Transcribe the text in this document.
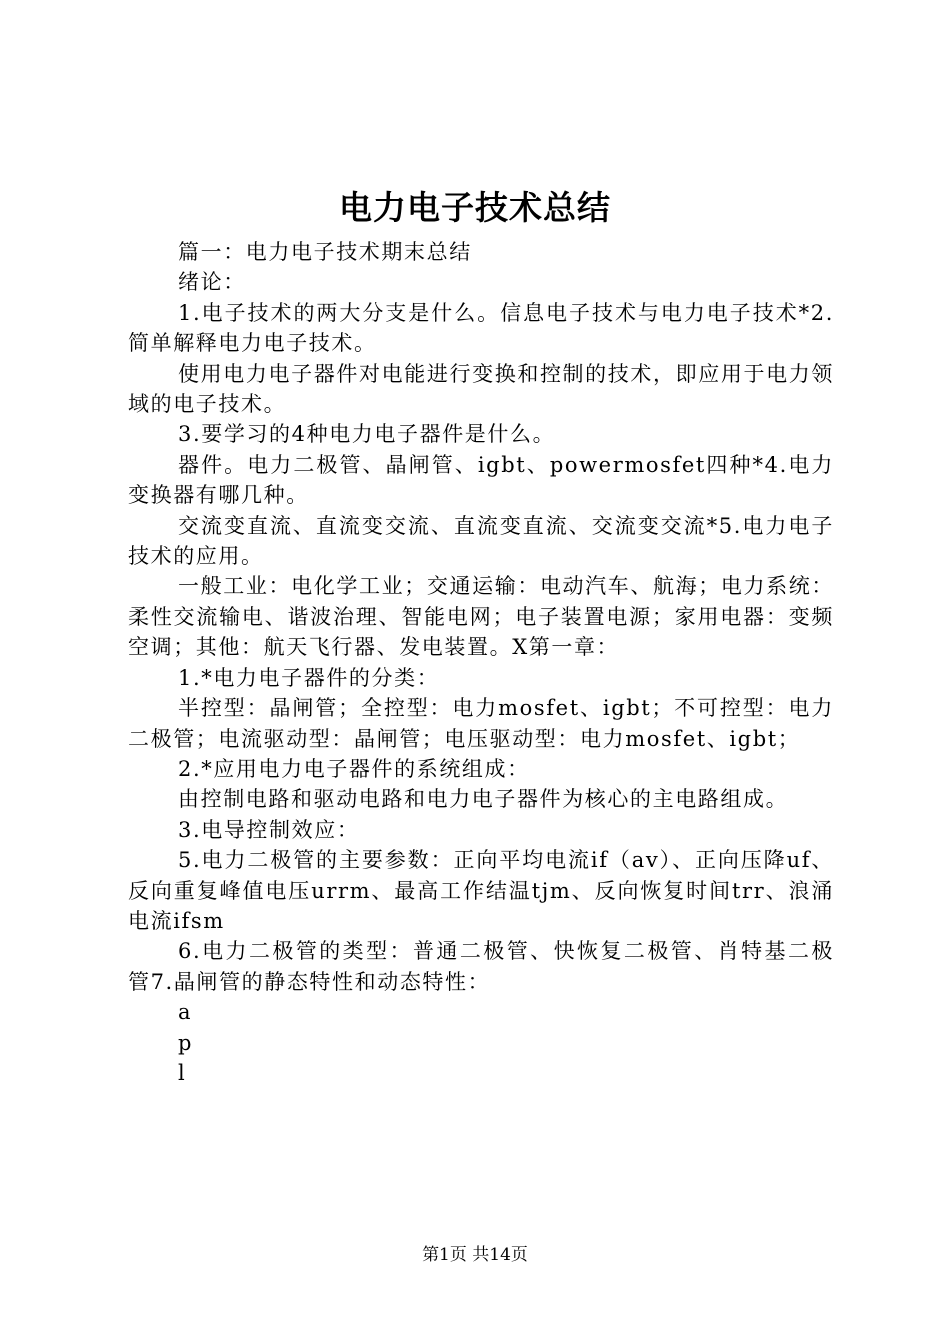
电力电子技术总结

篇一：电力电子技术期末总结

绪论：

1.电子技术的两大分支是什么。信息电子技术与电力电子技术*2.简单解释电力电子技术。

使用电力电子器件对电能进行变换和控制的技术，即应用于电力领域的电子技术。

3.要学习的4种电力电子器件是什么。

器件。电力二极管、晶闸管、igbt、powermosfet四种*4.电力变换器有哪几种。

交流变直流、直流变交流、直流变直流、交流变交流*5.电力电子技术的应用。

一般工业：电化学工业；交通运输：电动汽车、航海；电力系统：柔性交流输电、谐波治理、智能电网；电子装置电源；家用电器：变频空调；其他：航天飞行器、发电装置。X第一章：

1.*电力电子器件的分类：

半控型：晶闸管；全控型：电力mosfet、igbt；不可控型：电力二极管；电流驱动型：晶闸管；电压驱动型：电力mosfet、igbt；

2.*应用电力电子器件的系统组成：

由控制电路和驱动电路和电力电子器件为核心的主电路组成。

3.电导控制效应：

5.电力二极管的主要参数：正向平均电流if（av）、正向压降uf、反向重复峰值电压urrm、最高工作结温tjm、反向恢复时间trr、浪涌电流ifsm

6.电力二极管的类型：普通二极管、快恢复二极管、肖特基二极管7.晶闸管的静态特性和动态特性：

a

p

l

第1页 共14页
